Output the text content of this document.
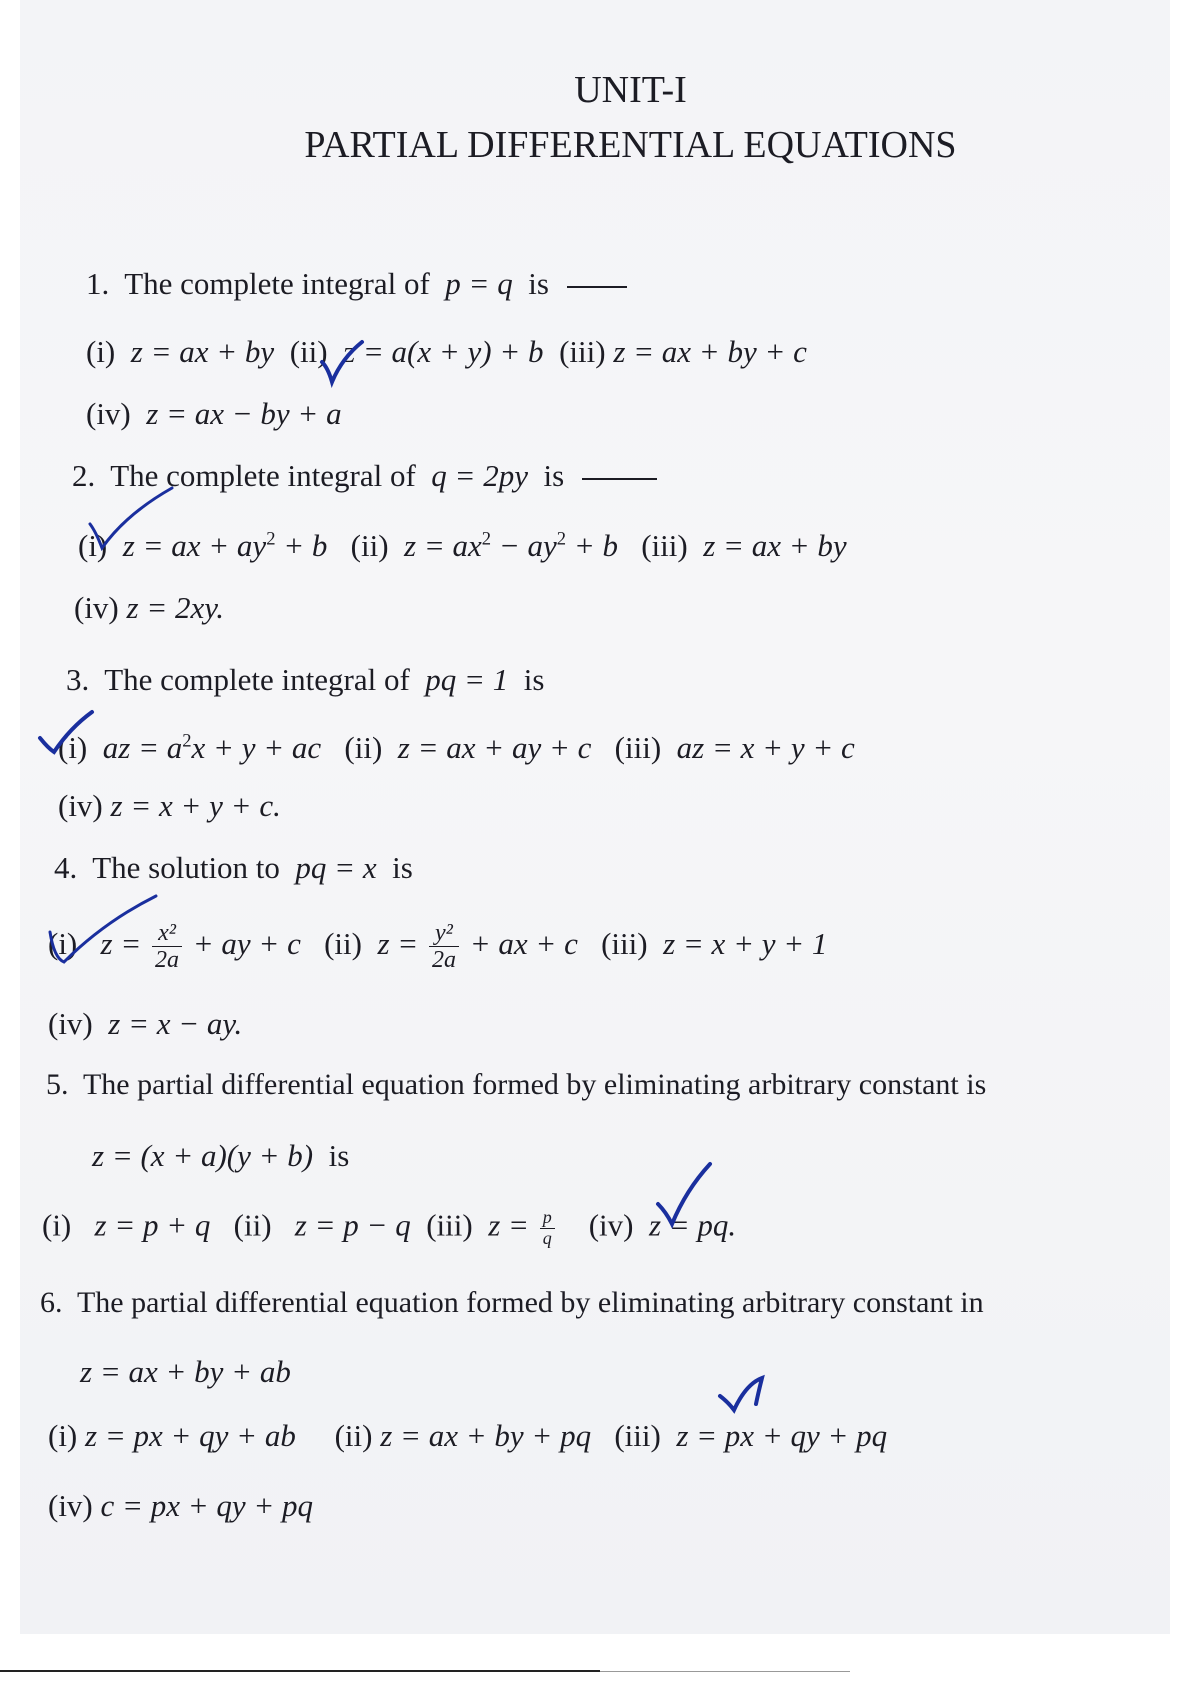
UNIT-I
PARTIAL DIFFERENTIAL EQUATIONS
1. The complete integral of p = q is
(i) z = ax + by (ii) z = a(x + y) + b (iii) z = ax + by + c
(iv) z = ax − by + a
2. The complete integral of q = 2py is
(i) z = ax + $ay^2 + b$ (ii) $z = ax^2 - ay^2 + b$ (iii) z = ax + by
(iv) z = 2xy.
3. The complete integral of pq = 1 is
(i) az = $a^2x + y$ + ac (ii) z = ax + ay + c (iii) az = x + y + c
(iv) z = x + y + c.
4. The solution to pq = x is
(i) $z = \frac{\text{x²}}{2a}$ + ay + c (ii) $z = \frac{\text{y²}}{2a}$ + ax + c (iii) z = x + y + 1
(iv) z = x − ay.
5. The partial differential equation formed by eliminating arbitrary constant is
z = (x + a)(y + b) is
(i) z = p + q (ii) z = p − q (iii) $z = \frac{p}{q} (iv) z$ = pq.
6. The partial differential equation formed by eliminating arbitrary constant in
z = ax + by + ab
(i) z = px + qy + ab (ii) z = ax + by + pq (iii) z = px + qy + pq
(iv) c = px + qy + pq
